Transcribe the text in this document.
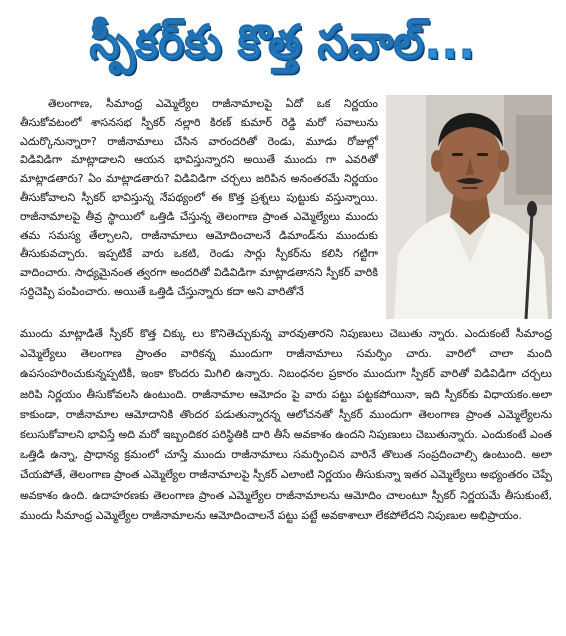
స్పీకర్‌కు కొత్త సవాల్...

తెలంగాణ, సీమాంధ్ర ఎమ్మెల్యేల రాజీనామాలపై ఏదో ఒక నిర్ణయం తీసుకోవటంలో శాసనసభ స్పీకర్ నల్లారి కిరణ్ కుమార్ రెడ్డి మరో సవాలును ఎదుర్కొనున్నారా? రాజీనామాలు చేసిన వారందరితో రెండు, మూడు రోజుల్లో విడివిడిగా మాట్లాడాలని ఆయన భావిస్తున్నారని అయితే ముందు గా ఎవరితో మాట్లాడతారు? ఏం మాట్లాడతారు? విడివిడిగా చర్చలు జరిపిన అనంతరమే నిర్ణయం తీసుకోవాలని స్పీకర్ భావిస్తున్న నేపథ్యంలో ఈ కొత్త ప్రశ్నలు పుట్టుకు వస్తున్నాయి. రాజీనామాలపై తీవ్ర స్థాయిలో ఒత్తిడి చేస్తున్న తెలంగాణ ప్రాంత ఎమ్మెల్యేలు ముందు తమ సమస్య తేల్చాలని, రాజీనామాలు ఆమోదించాలనే డిమాండ్‌ను ముందుకు తీసుకువచ్చారు. ఇప్పటికే వారు ఒకటి, రెండు సార్లు స్పీకర్‌ను కలిసి గట్టిగా వాదించారు. సాధ్యమైనంత త్వరగా అందరితో విడివిడిగా మాట్లాడతానని స్పీకర్ వారికి సర్దిచెప్పి పంపించారు. అయితే ఒత్తిడి చేస్తున్నారు కదా అని వారితోనే

ముందు మాట్లాడితే స్పీకర్ కొత్త చిక్కు లు కొనితెచ్చుకున్న వారవుతారని నిపుణులు చెబుతు న్నారు. ఎందుకంటే సీమాంధ్ర ఎమ్మెల్యేలు తెలంగాణ ప్రాంతం వారికన్న ముందుగా రాజీనామాలు సమర్పిం చారు. వారిలో చాలా మంది ఉపసంహరించుకున్నప్పటికీ, ఇంకా కొందరు మిగిలి ఉన్నారు. నిబంధనల ప్రకారం ముందుగా స్పీకర్ వారితో విడివిడిగా చర్చలు జరిపి నిర్ణయం తీసుకోవలసి ఉంటుంది. రాజీనామాల ఆమోదం పై వారు పట్టు పట్టకపోయినా, ఇది స్పీకర్‌కు విధాయకం.అలా కాకుండా, రాజీనామాల ఆమోదానికి తొందర పడుతున్నారన్న ఆలోచనతో స్పీకర్ ముందుగా తెలంగాణ ప్రాంత ఎమ్మెల్యేలను కలుసుకోవాలని భావిస్తే అది మరో ఇబ్బందికర పరిస్థితికి దారి తీసే అవకాశం ఉందని నిపుణులు చెబుతున్నారు. ఎందుకంటే ఎంత ఒత్తిడి ఉన్నా, ప్రాధాన్య క్రమంలో చూస్తే ముందు రాజీనామాలు సమర్పించిన వారినే తొలుత సంప్రదించాల్సి ఉంటుంది. అలా చేయపోతే, తెలంగాణ ప్రాంత ఎమ్మెల్యేల రాజీనామాలపై స్పీకర్ ఎలాంటి నిర్ణయం తీసుకున్నా ఇతర ఎమ్మెల్యేలు అభ్యంతరం చెప్పే అవకాశం ఉంది. ఉదాహరణకు తెలంగాణ ప్రాంత ఎమ్మెల్యేల రాజీనామాలను ఆమోదిం చాలంటూ స్పీకర్ నిర్ణయమే తీసుకుంటే, ముందు సీమాంధ్ర ఎమ్మెల్యేల రాజీనామాలను ఆమోదించాలనే పట్టు పట్టే అవకాశాలూ లేకపోలేదని నిపుణుల అభిప్రాయం.
